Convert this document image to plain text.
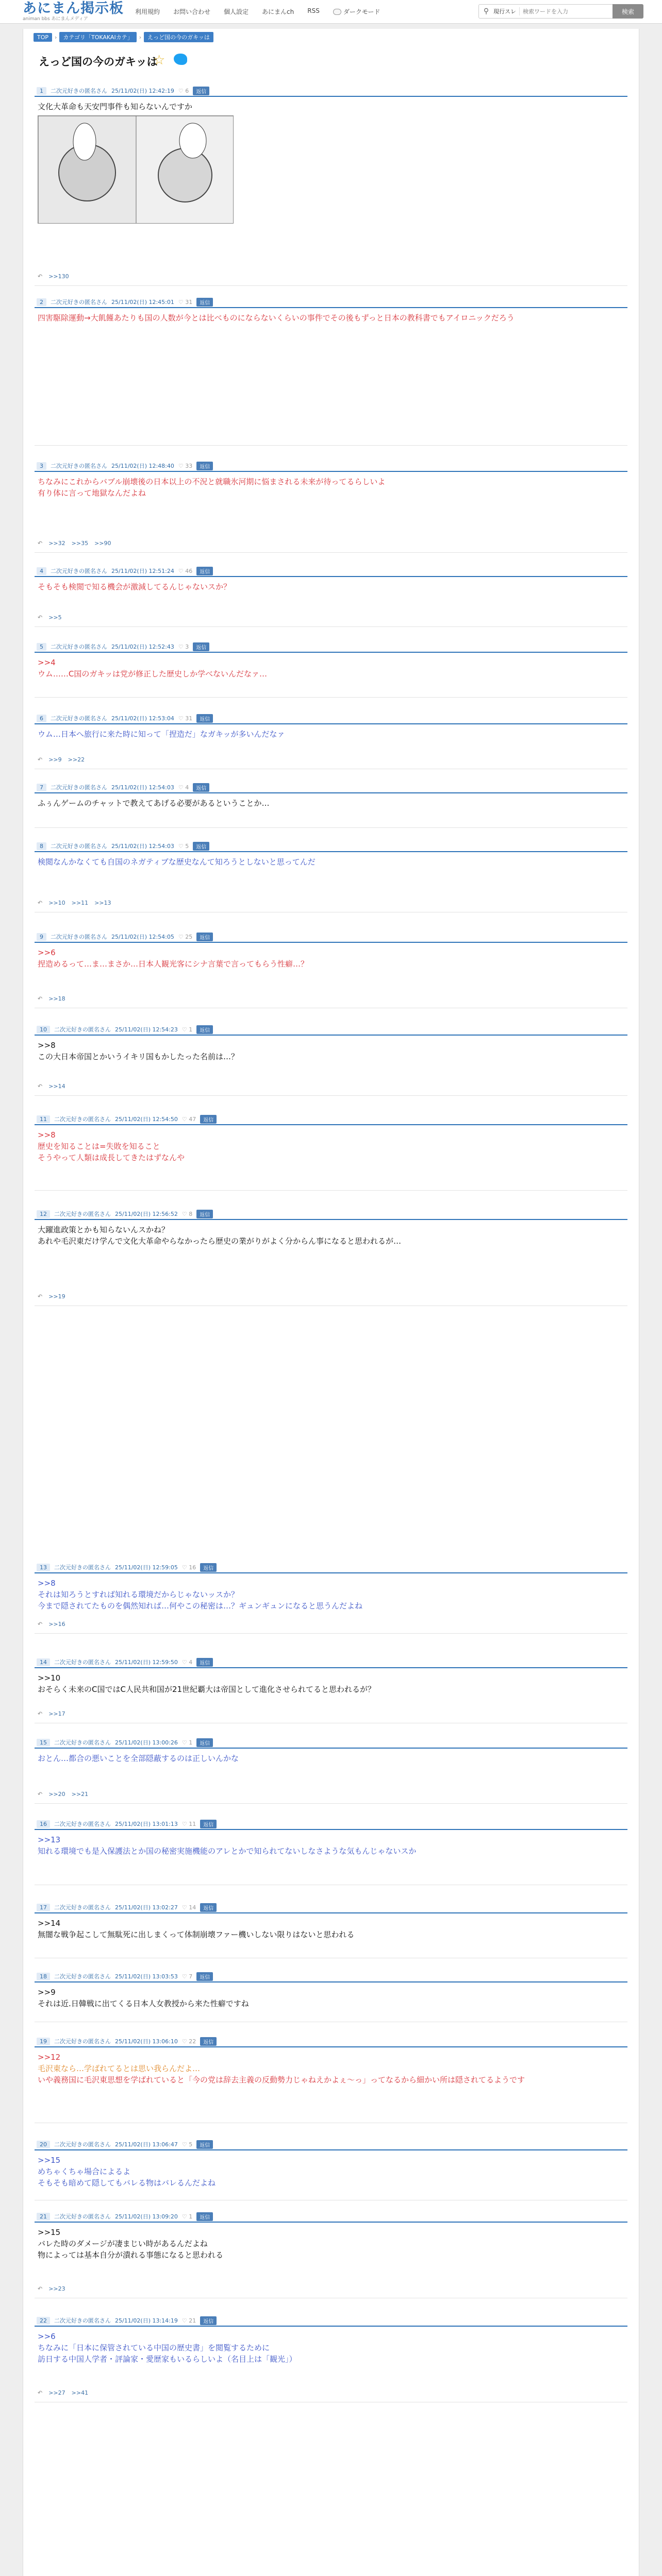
あにまん掲示板
animan bbs あにまんメディア
利用規約 お問い合わせ 個人設定 あにまんch RSS	ダークモード	⚲ 現行スレ
検索ワードを入力	検索
TOP	›	カテゴリ「TOKAKAIカテ」	›	えっど国の今のガキッは
えっど国の今のガキッは
☆
1	二次元好きの匿名さん 25/11/02(日) 12:42:19 ♡ 6	返信
文化大革命も天安門事件も知らないんですか
↶ >>130
2	二次元好きの匿名さん 25/11/02(日) 12:45:01 ♡ 31	返信
四害駆除運動→大飢饉あたりも国の人数が今とは比べものにならないくらいの事件でその後もずっと日本の教科書でもアイロニックだろう
3	二次元好きの匿名さん 25/11/02(日) 12:48:40 ♡ 33	返信
ちなみにこれからバブル崩壊後の日本以上の不況と就職氷河期に悩まされる未来が待ってるらしいよ
有り体に言って地獄なんだよね
↶ >>32 >>35 >>90
4	二次元好きの匿名さん 25/11/02(日) 12:51:24 ♡ 46	返信
そもそも検閲で知る機会が激減してるんじゃないスか？
↶ >>5
5	二次元好きの匿名さん 25/11/02(日) 12:52:43 ♡ 3	返信
>>4
ウム……C国のガキッは党が修正した歴史しか学べないんだなァ…
6	二次元好きの匿名さん 25/11/02(日) 12:53:04 ♡ 31	返信
ウム…日本へ旅行に来た時に知って「捏造だ」なガキッが多いんだなァ
↶ >>9 >>22
7	二次元好きの匿名さん 25/11/02(日) 12:54:03 ♡ 4	返信
ふぅんゲームのチャットで教えてあげる必要があるということか…
8	二次元好きの匿名さん 25/11/02(日) 12:54:03 ♡ 5	返信
検閲なんかなくても自国のネガティブな歴史なんて知ろうとしないと思ってんだ
↶ >>10 >>11 >>13
9	二次元好きの匿名さん 25/11/02(日) 12:54:05 ♡ 25	返信
>>6
捏造めるって…ま…まさか…日本人観光客にシナ言葉で言ってもらう性癖…？
↶ >>18
10	二次元好きの匿名さん 25/11/02(日) 12:54:23 ♡ 1	返信
>>8
この大日本帝国とかいうイキリ国もかしたった名前は…？
↶ >>14
11	二次元好きの匿名さん 25/11/02(日) 12:54:50 ♡ 47	返信
>>8
歴史を知ることは=失敗を知ること
そうやって人類は成長してきたはずなんや
12	二次元好きの匿名さん 25/11/02(日) 12:56:52 ♡ 8	返信
大躍進政策とかも知らないんスかね？
あれや毛沢東だけ学んで文化大革命やらなかったら歴史の業がりがよく分からん事になると思われるが…
↶ >>19
13	二次元好きの匿名さん 25/11/02(日) 12:59:05 ♡ 16	返信
>>8
それは知ろうとすれば知れる環境だからじゃないッスか？
今まで隠されてたものを偶然知れば…何やこの秘密は…？ギュンギュンになると思うんだよね
↶ >>16
14	二次元好きの匿名さん 25/11/02(日) 12:59:50 ♡ 4	返信
>>10
おそらく未来のC国ではC人民共和国が21世紀覇大は帝国として進化させられてると思われるが？
↶ >>17
15	二次元好きの匿名さん 25/11/02(日) 13:00:26 ♡ 1	返信
おとん…都合の悪いことを全部隠蔽するのは正しいんかな
↶ >>20 >>21
16	二次元好きの匿名さん 25/11/02(日) 13:01:13 ♡ 11	返信
>>13
知れる環境でも是入保護法とか国の秘密実施機能のアレとかで知られてないしなさような気もんじゃないスか
17	二次元好きの匿名さん 25/11/02(日) 13:02:27 ♡ 14	返信
>>14
無闇な戦争起こして無駄死に出しまくって体制崩壊ファー機いしない限りはないと思われる
18	二次元好きの匿名さん 25/11/02(日) 13:03:53 ♡ 7	返信
>>9
それは近.日韓戦に出てくる日本人女教授から来た性癖ですね
19	二次元好きの匿名さん 25/11/02(日) 13:06:10 ♡ 22	返信
>>12
毛沢東なら…学ばれてるとは思い我らんだよ…
いや義務国に毛沢東思想を学ばれていると「今の党は辞去主義の反動勢力じゃねえかよぇ～っ」ってなるから細かい所は隠されてるようです
20	二次元好きの匿名さん 25/11/02(日) 13:06:47 ♡ 5	返信
>>15
めちゃくちゃ場合によるよ
そもそも暗めて隠してもバレる物はバレるんだよね
21	二次元好きの匿名さん 25/11/02(日) 13:09:20 ♡ 1	返信
>>15
バレた時のダメージが凄まじい時があるんだよね
物によっては基本自分が潰れる事態になると思われる
↶ >>23
22	二次元好きの匿名さん 25/11/02(日) 13:14:19 ♡ 21	返信
>>6
ちなみに「日本に保管されている中国の歴史書」を閲覧するために
訪日する中国人学者・評論家・愛歴家もいるらしいよ（名目上は「観光」）
↶ >>27 >>41
